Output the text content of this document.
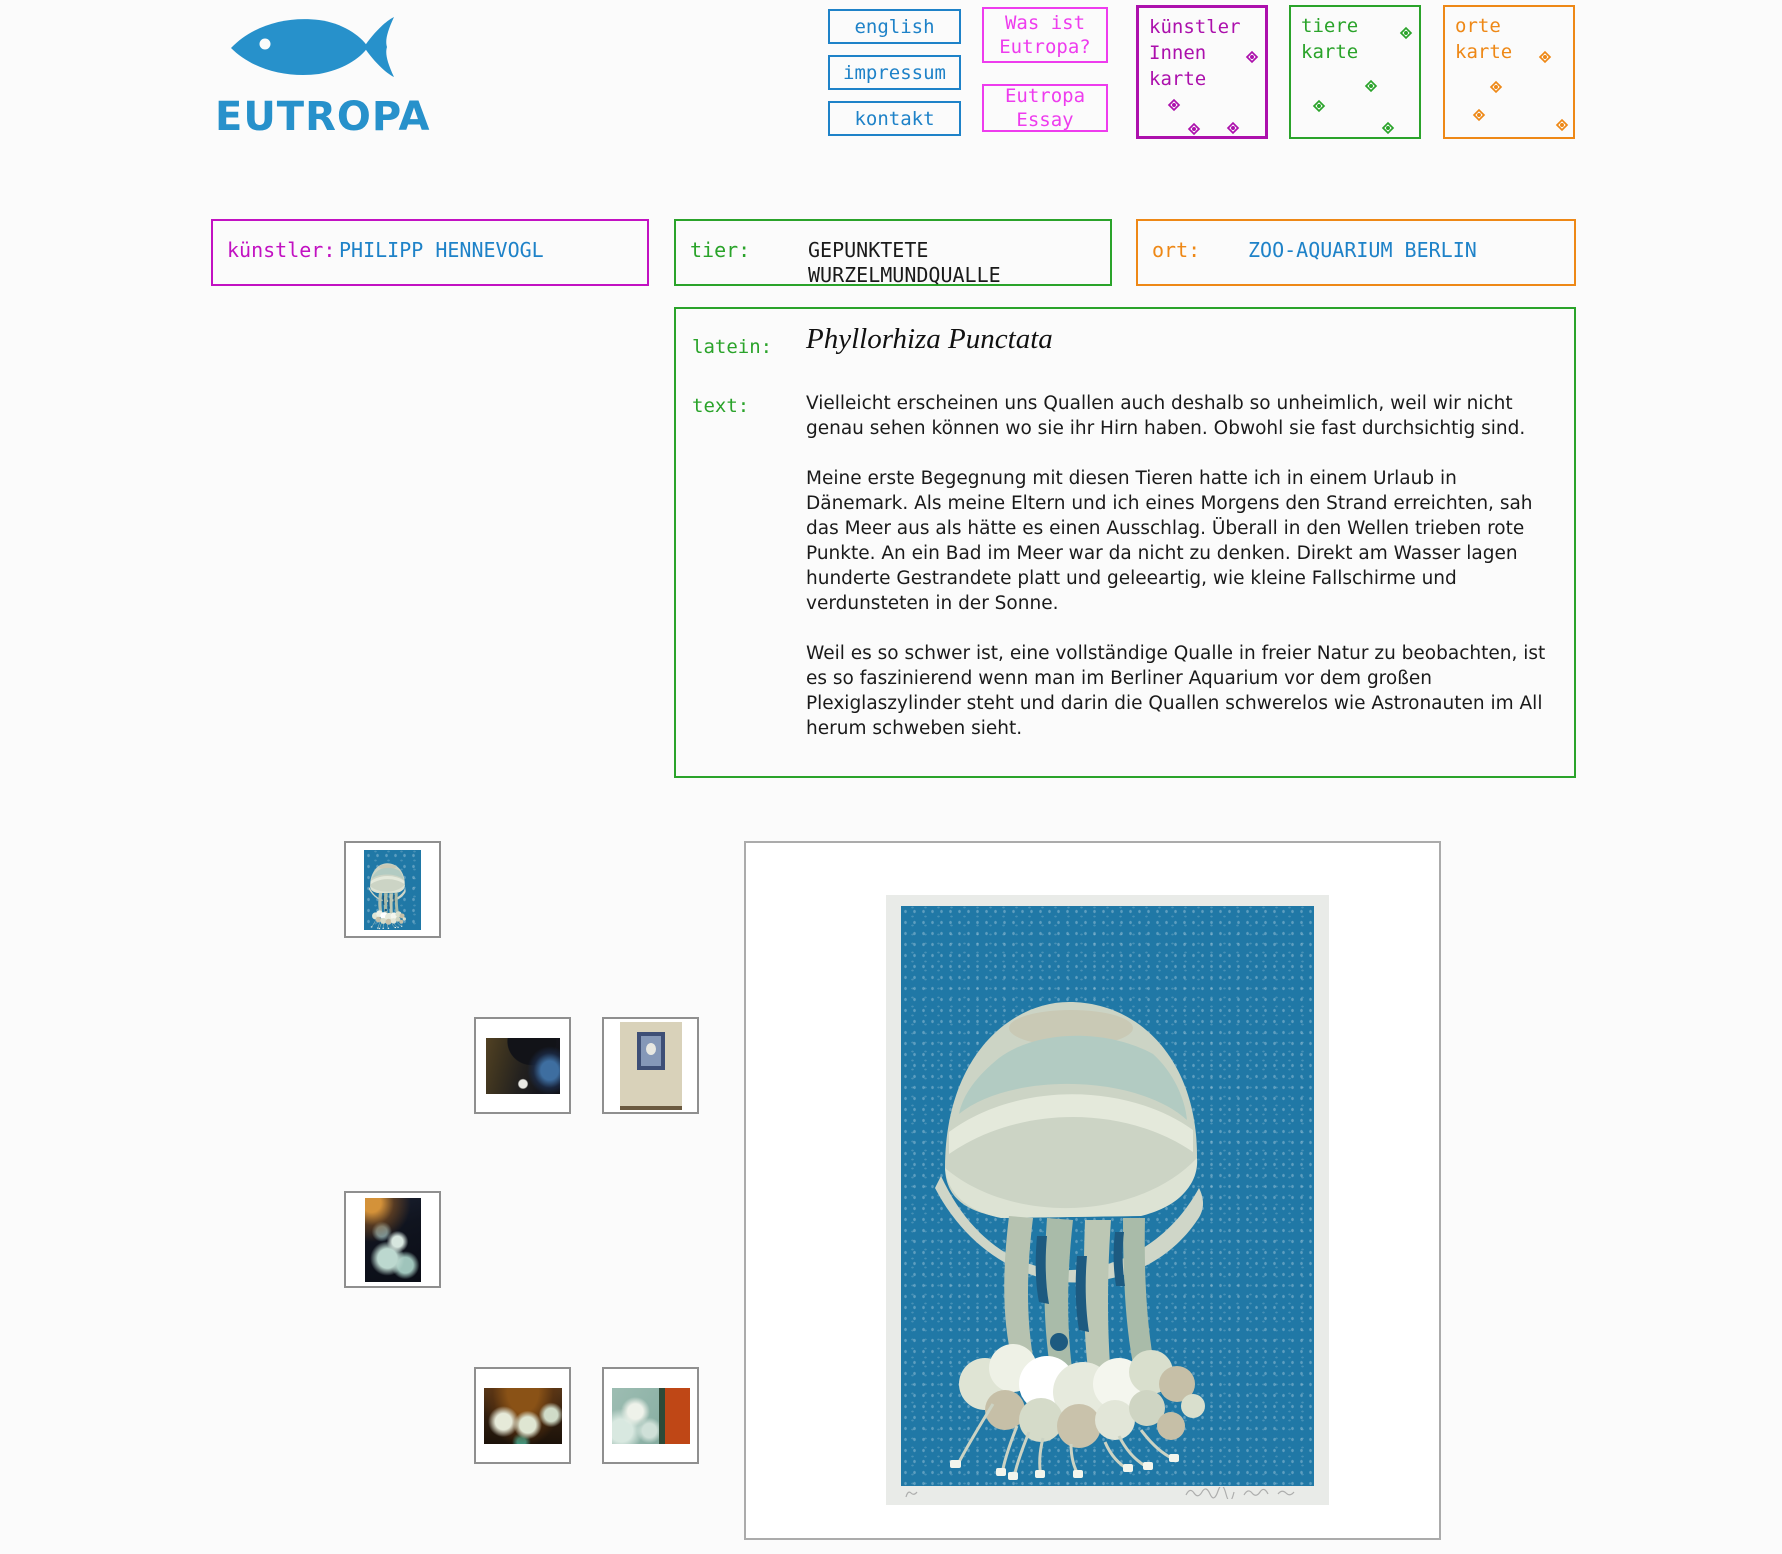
EUTROPA
english
impressum
kontakt
Was ist Eutropa?
Eutropa Essay
künstler
Innen
karte
tiere
karte
orte
karte
künstler: PHILIPP HENNEVOGL	tier:	GEPUNKTETE WURZELMUNDQUALLE
ort: ZOO-AQUARIUM BERLIN
latein: Phyllorhiza Punctata
text:	Vielleicht erscheinen uns Quallen auch deshalb so unheimlich, weil wir nicht genau sehen können wo sie ihr Hirn haben. Obwohl sie fast durchsichtig sind.

Meine erste Begegnung mit diesen Tieren hatte ich in einem Urlaub in Dänemark. Als meine Eltern und ich eines Morgens den Strand erreichten, sah das Meer aus als hätte es einen Ausschlag. Überall in den Wellen trieben rote Punkte. An ein Bad im Meer war da nicht zu denken. Direkt am Wasser lagen hunderte Gestrandete platt und geleeartig, wie kleine Fallschirme und verdunsteten in der Sonne.

Weil es so schwer ist, eine vollständige Qualle in freier Natur zu beobachten, ist es so faszinierend wenn man im Berliner Aquarium vor dem großen Plexiglaszylinder steht und darin die Quallen schwerelos wie Astronauten im All herum schweben sieht.
